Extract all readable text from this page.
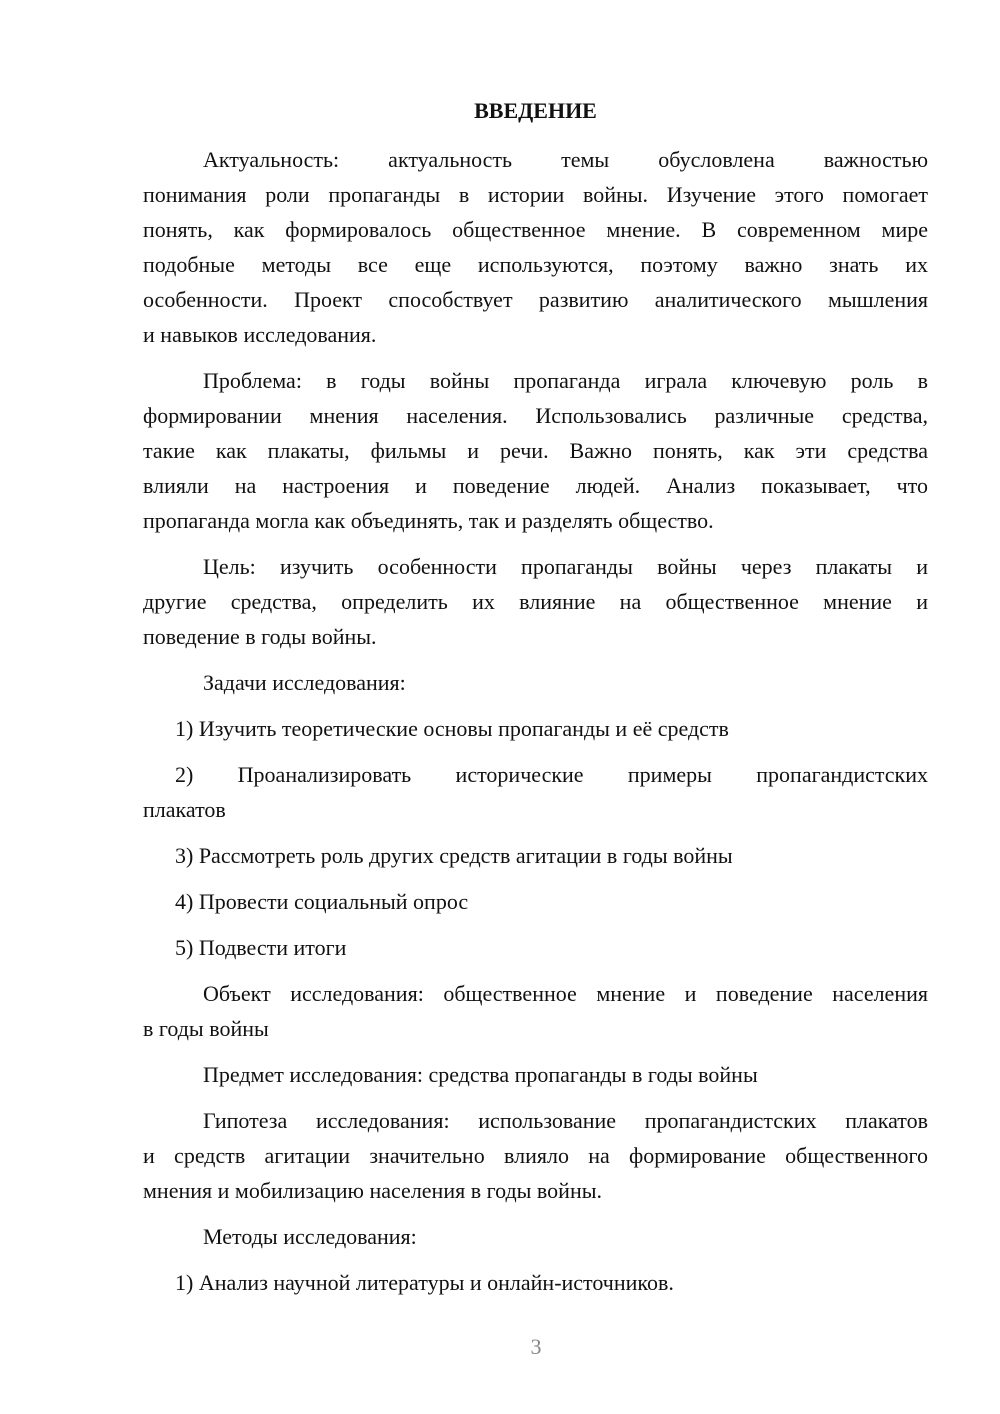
ВВЕДЕНИЕ
Актуальность: актуальность темы обусловлена важностью
понимания роли пропаганды в истории войны. Изучение этого помогает
понять, как формировалось общественное мнение. В современном мире
подобные методы все еще используются, поэтому важно знать их
особенности. Проект способствует развитию аналитического мышления
и навыков исследования.
Проблема: в годы войны пропаганда играла ключевую роль в
формировании мнения населения. Использовались различные средства,
такие как плакаты, фильмы и речи. Важно понять, как эти средства
влияли на настроения и поведение людей. Анализ показывает, что
пропаганда могла как объединять, так и разделять общество.
Цель: изучить особенности пропаганды войны через плакаты и
другие средства, определить их влияние на общественное мнение и
поведение в годы войны.
Задачи исследования:
1) Изучить теоретические основы пропаганды и её средств
2) Проанализировать исторические примеры пропагандистских
плакатов
3) Рассмотреть роль других средств агитации в годы войны
4) Провести социальный опрос
5) Подвести итоги
Объект исследования: общественное мнение и поведение населения
в годы войны
Предмет исследования: средства пропаганды в годы войны
Гипотеза исследования: использование пропагандистских плакатов
и средств агитации значительно влияло на формирование общественного
мнения и мобилизацию населения в годы войны.
Методы исследования:
1) Анализ научной литературы и онлайн-источников.
3
